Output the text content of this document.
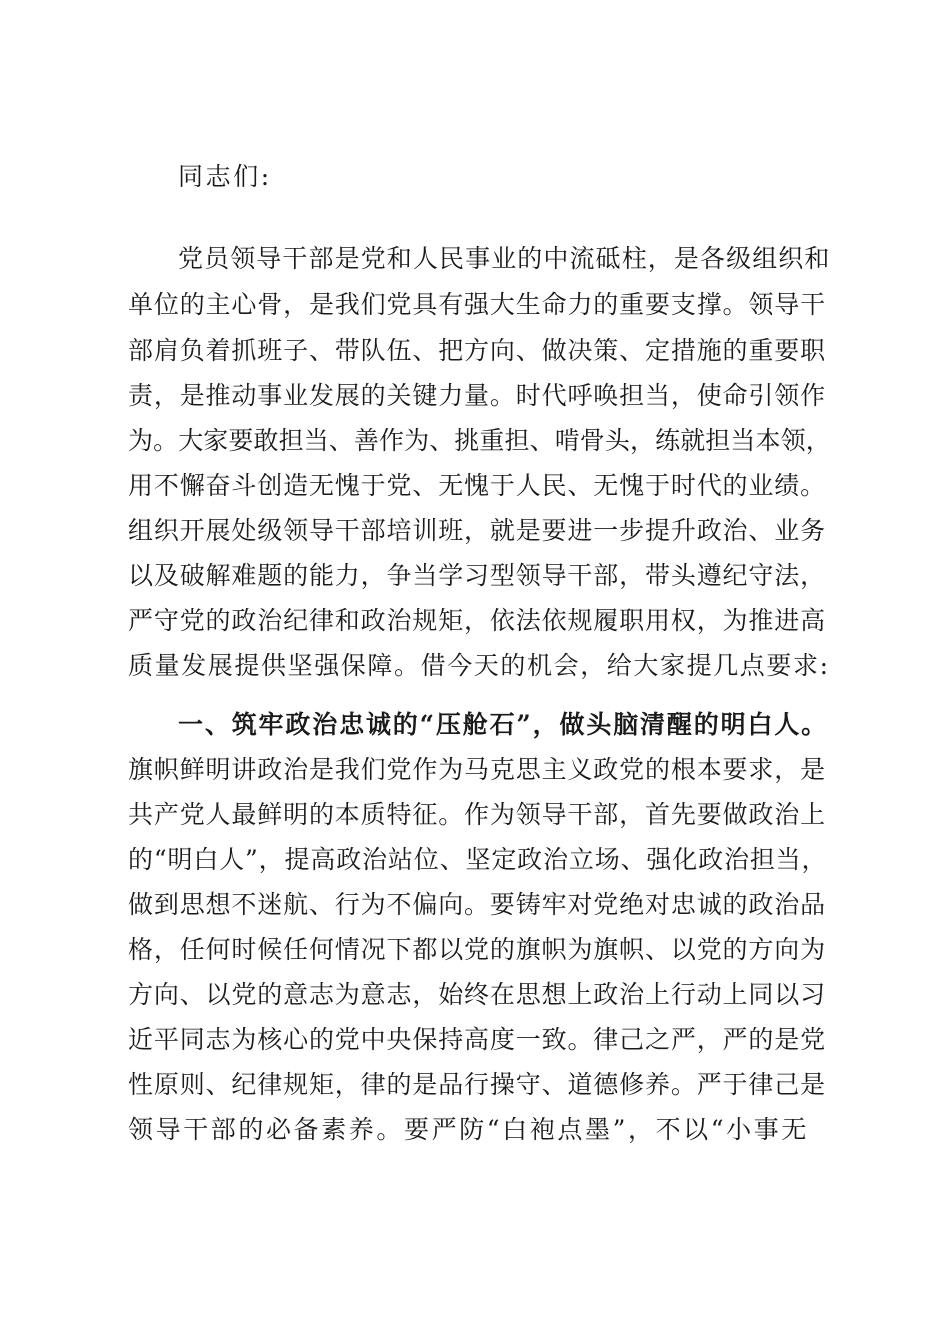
同志们:
党员领导干部是党和人民事业的中流砥柱，是各级组织和
单位的主心骨，是我们党具有强大生命力的重要支撑。领导干
部肩负着抓班子、带队伍、把方向、做决策、定措施的重要职
责，是推动事业发展的关键力量。时代呼唤担当，使命引领作
为。大家要敢担当、善作为、挑重担、啃骨头，练就担当本领，
用不懈奋斗创造无愧于党、无愧于人民、无愧于时代的业绩。
组织开展处级领导干部培训班，就是要进一步提升政治、业务
以及破解难题的能力，争当学习型领导干部，带头遵纪守法，
严守党的政治纪律和政治规矩，依法依规履职用权，为推进高
质量发展提供坚强保障。借今天的机会，给大家提几点要求:
一、筑牢政治忠诚的“压舱石”，做头脑清醒的明白人。
旗帜鲜明讲政治是我们党作为马克思主义政党的根本要求，是
共产党人最鲜明的本质特征。作为领导干部，首先要做政治上
的“明白人”，提高政治站位、坚定政治立场、强化政治担当，
做到思想不迷航、行为不偏向。要铸牢对党绝对忠诚的政治品
格，任何时候任何情况下都以党的旗帜为旗帜、以党的方向为
方向、以党的意志为意志，始终在思想上政治上行动上同以习
近平同志为核心的党中央保持高度一致。律己之严，严的是党
性原则、纪律规矩，律的是品行操守、道德修养。严于律己是
领导干部的必备素养。要严防“白袍点墨”，不以“小事无
